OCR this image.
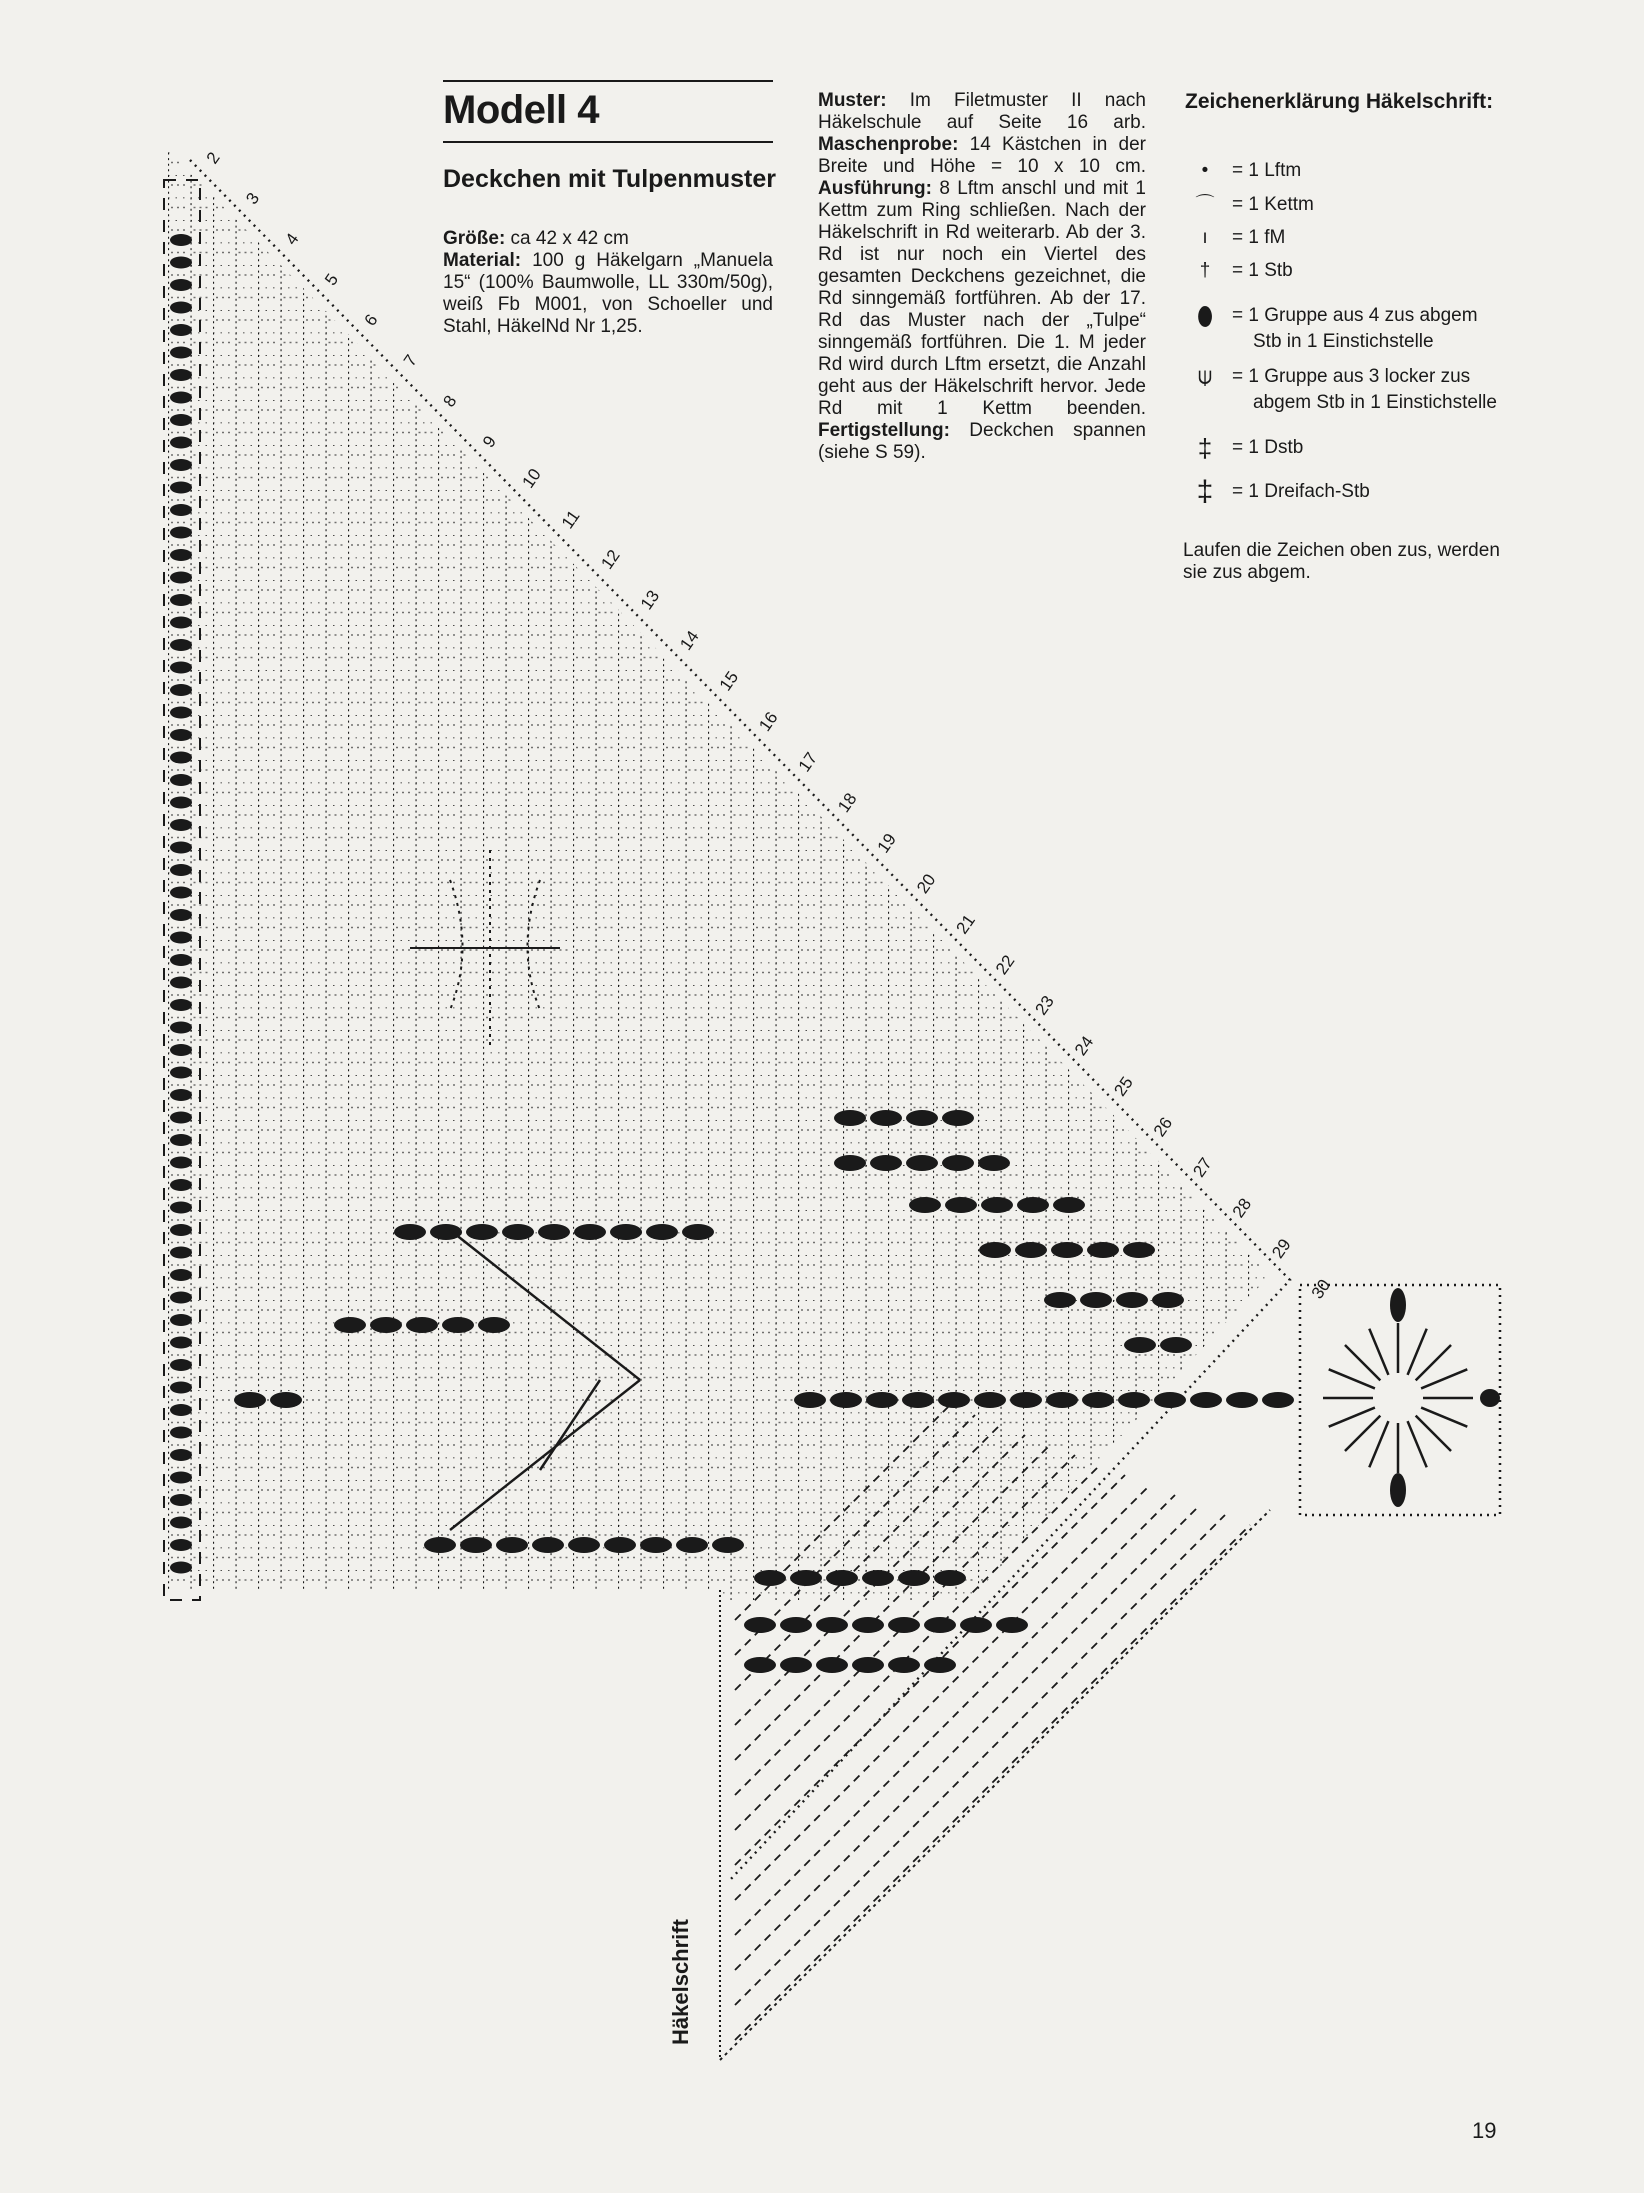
2
3
4
5
6
7
8
9
10
11
12
13
14
15
16
17
18
19
20
21
22
23
24
25
26
27
28
29
30
Modell 4
Deckchen mit Tulpenmuster
Größe: ca 42 x 42 cm
Material: 100 g Häkelgarn „Manuela 15“ (100% Baumwolle, LL 330m/50g), weiß Fb M001, von Schoeller und Stahl, HäkelNd Nr 1,25.
Muster: Im Filetmuster II nach Häkelschule auf Seite 16 arb. Maschenprobe: 14 Kästchen in der Breite und Höhe = 10 x 10 cm. Ausführung: 8 Lftm anschl und mit 1 Kettm zum Ring schließen. Nach der Häkelschrift in Rd weiterarb. Ab der 3. Rd ist nur noch ein Viertel des gesamten Deckchens gezeichnet, die Rd sinngemäß fortführen. Ab der 17. Rd das Muster nach der „Tulpe“ sinngemäß fortführen. Die 1. M jeder Rd wird durch Lftm ersetzt, die Anzahl geht aus der Häkelschrift hervor. Jede Rd mit 1 Kettm beenden. Fertigstellung: Deckchen spannen (siehe S 59).
Zeichenerklärung Häkelschrift:
•	= 1 Lftm
⌒ = 1 Kettm
ı	= 1 fM
†	= 1 Stb
⬮ = 1 Gruppe aus 4 zus abgem
Stb in 1 Einstichstelle
⍦	= 1 Gruppe aus 3 locker zus
abgem Stb in 1 Einstichstelle
‡	= 1 Dstb
‡ = 1 Dreifach-Stb
Laufen die Zeichen oben zus, werden sie zus abgem.
Häkelschrift
19
